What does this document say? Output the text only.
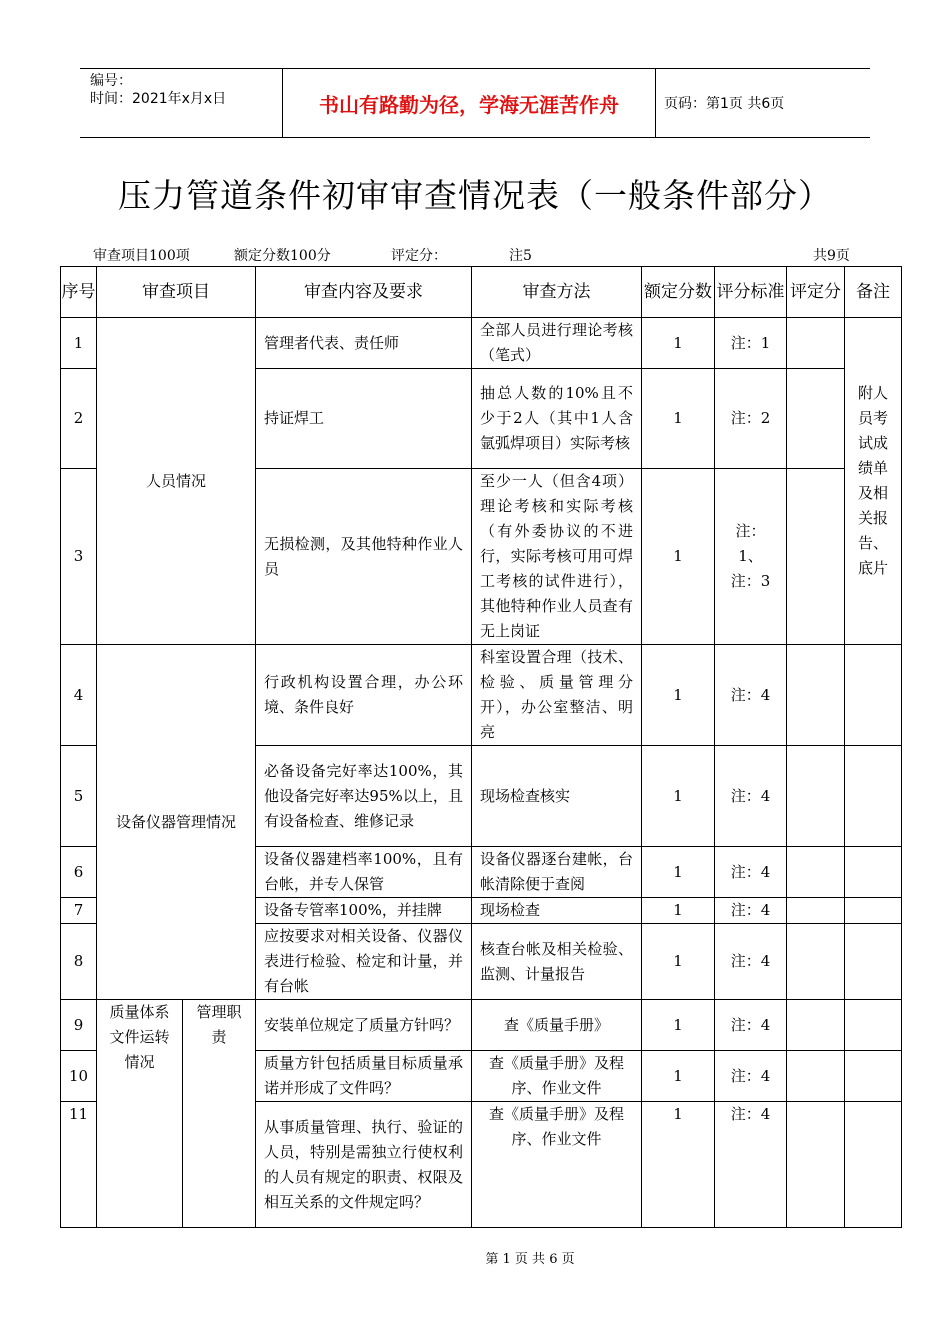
编号：
时间：2021年x月x日	书山有路勤为径，学海无涯苦作舟	页码：第1页 共6页
压力管道条件初审审查情况表（一般条件部分）
审查项目100项	额定分数100分	评定分：	注5	共9页
序号	审查项目		审查内容及要求	审查方法	额定分数	评分标准	评定分	备注
1	人员情况		管理者代表、责任师	全部人员进行理论考核（笔式）	1	注：1		附人员考试成绩单及相关报告、底片
2			持证焊工	抽总人数的10%且不少于2人（其中1人含氩弧焊项目）实际考核	1	注：2		
3			无损检测，及其他特种作业人员	至少一人（但含4项）理论考核和实际考核（有外委协议的不进行，实际考核可用可焊工考核的试件进行），其他特种作业人员查有无上岗证	1	注：1、注：3		
4	设备仪器管理情况		行政机构设置合理，办公环境、条件良好	科室设置合理（技术、检验、质量管理分开），办公室整洁、明亮	1	注：4		
5			必备设备完好率达100%，其他设备完好率达95%以上，且有设备检查、维修记录	现场检查核实	1	注：4		
6			设备仪器建档率100%，且有台帐，并专人保管	设备仪器逐台建帐，台帐清除便于查阅	1	注：4		
7			设备专管率100%，并挂牌	现场检查	1	注：4		
8			应按要求对相关设备、仪器仪表进行检验、检定和计量，并有台帐	核查台帐及相关检验、监测、计量报告	1	注：4		
9	质量体系文件运转情况	管理职责	安装单位规定了质量方针吗？	查《质量手册》	1	注：4		
10			质量方针包括质量目标质量承诺并形成了文件吗？	查《质量手册》及程序、作业文件	1	注：4		
11			从事质量管理、执行、验证的人员，特别是需独立行使权利的人员有规定的职责、权限及相互关系的文件规定吗？	查《质量手册》及程序、作业文件	1	注：4		
第 1 页 共 6 页
